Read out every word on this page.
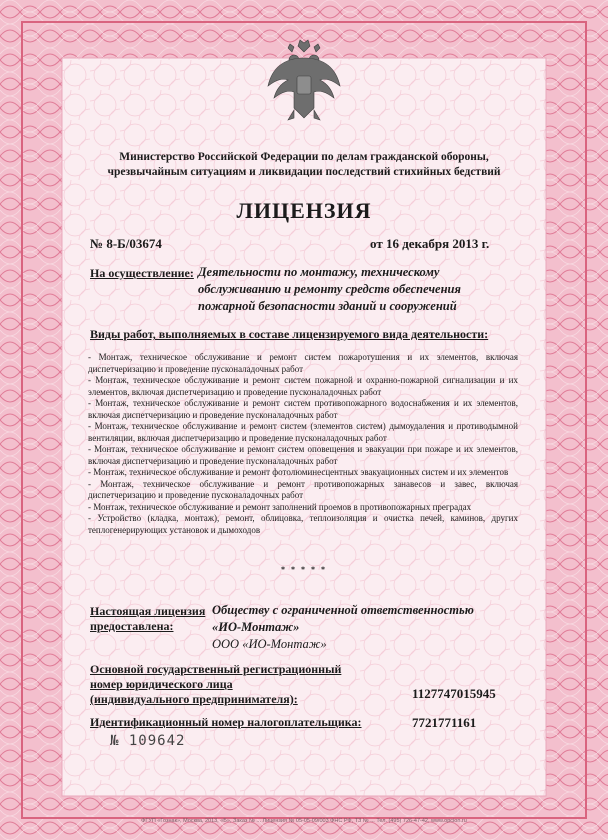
Министерство Российской Федерации по делам гражданской обороны,
чрезвычайным ситуациям и ликвидации последствий стихийных бедствий
ЛИЦЕНЗИЯ
№ 8-Б/03674	от 16 декабря 2013 г.
На осуществление: Деятельности по монтажу, техническому
обслуживанию и ремонту средств обеспечения
пожарной безопасности зданий и сооружений
Виды работ, выполняемых в составе лицензируемого вида деятельности:
- Монтаж, техническое обслуживание и ремонт систем пожаротушения и их элементов, включая диспетчеризацию и проведение пусконаладочных работ
- Монтаж, техническое обслуживание и ремонт систем пожарной и охранно-пожарной сигнализации и их элементов, включая диспетчеризацию и проведение пусконаладочных работ
- Монтаж, техническое обслуживание и ремонт систем противопожарного водоснабжения и их элементов, включая диспетчеризацию и проведение пусконаладочных работ
- Монтаж, техническое обслуживание и ремонт систем (элементов систем) дымоудаления и противодымной вентиляции, включая диспетчеризацию и проведение пусконаладочных работ
- Монтаж, техническое обслуживание и ремонт систем оповещения и эвакуации при пожаре и их элементов, включая диспетчеризацию и проведение пусконаладочных работ
- Монтаж, техническое обслуживание и ремонт фотолюминесцентных эвакуационных систем и их элементов
- Монтаж, техническое обслуживание и ремонт противопожарных занавесов и завес, включая диспетчеризацию и проведение пусконаладочных работ
- Монтаж, техническое обслуживание и ремонт заполнений проемов в противопожарных преградах
- Устройство (кладка, монтаж), ремонт, облицовка, теплоизоляция и очистка печей, каминов, других теплогенерирующих установок и дымоходов
* * * * *
Настоящая лицензия
предоставлена:
Обществу с ограниченной ответственностью
«ИО-Монтаж»
ООО «ИО-Монтаж»
Основной государственный регистрационный
номер юридического лица
(индивидуального предпринимателя):	1127747015945
Идентификационный номер налогоплательщика:	7721771161
№ 109642
ФГУП «Гознак», Москва, 2013, «Б», Заказ № ... Лицензия № 05-05-09/003 ФНС РФ, ТЗ № ... Тел. (495) 726-47-42, www.opcion.ru
